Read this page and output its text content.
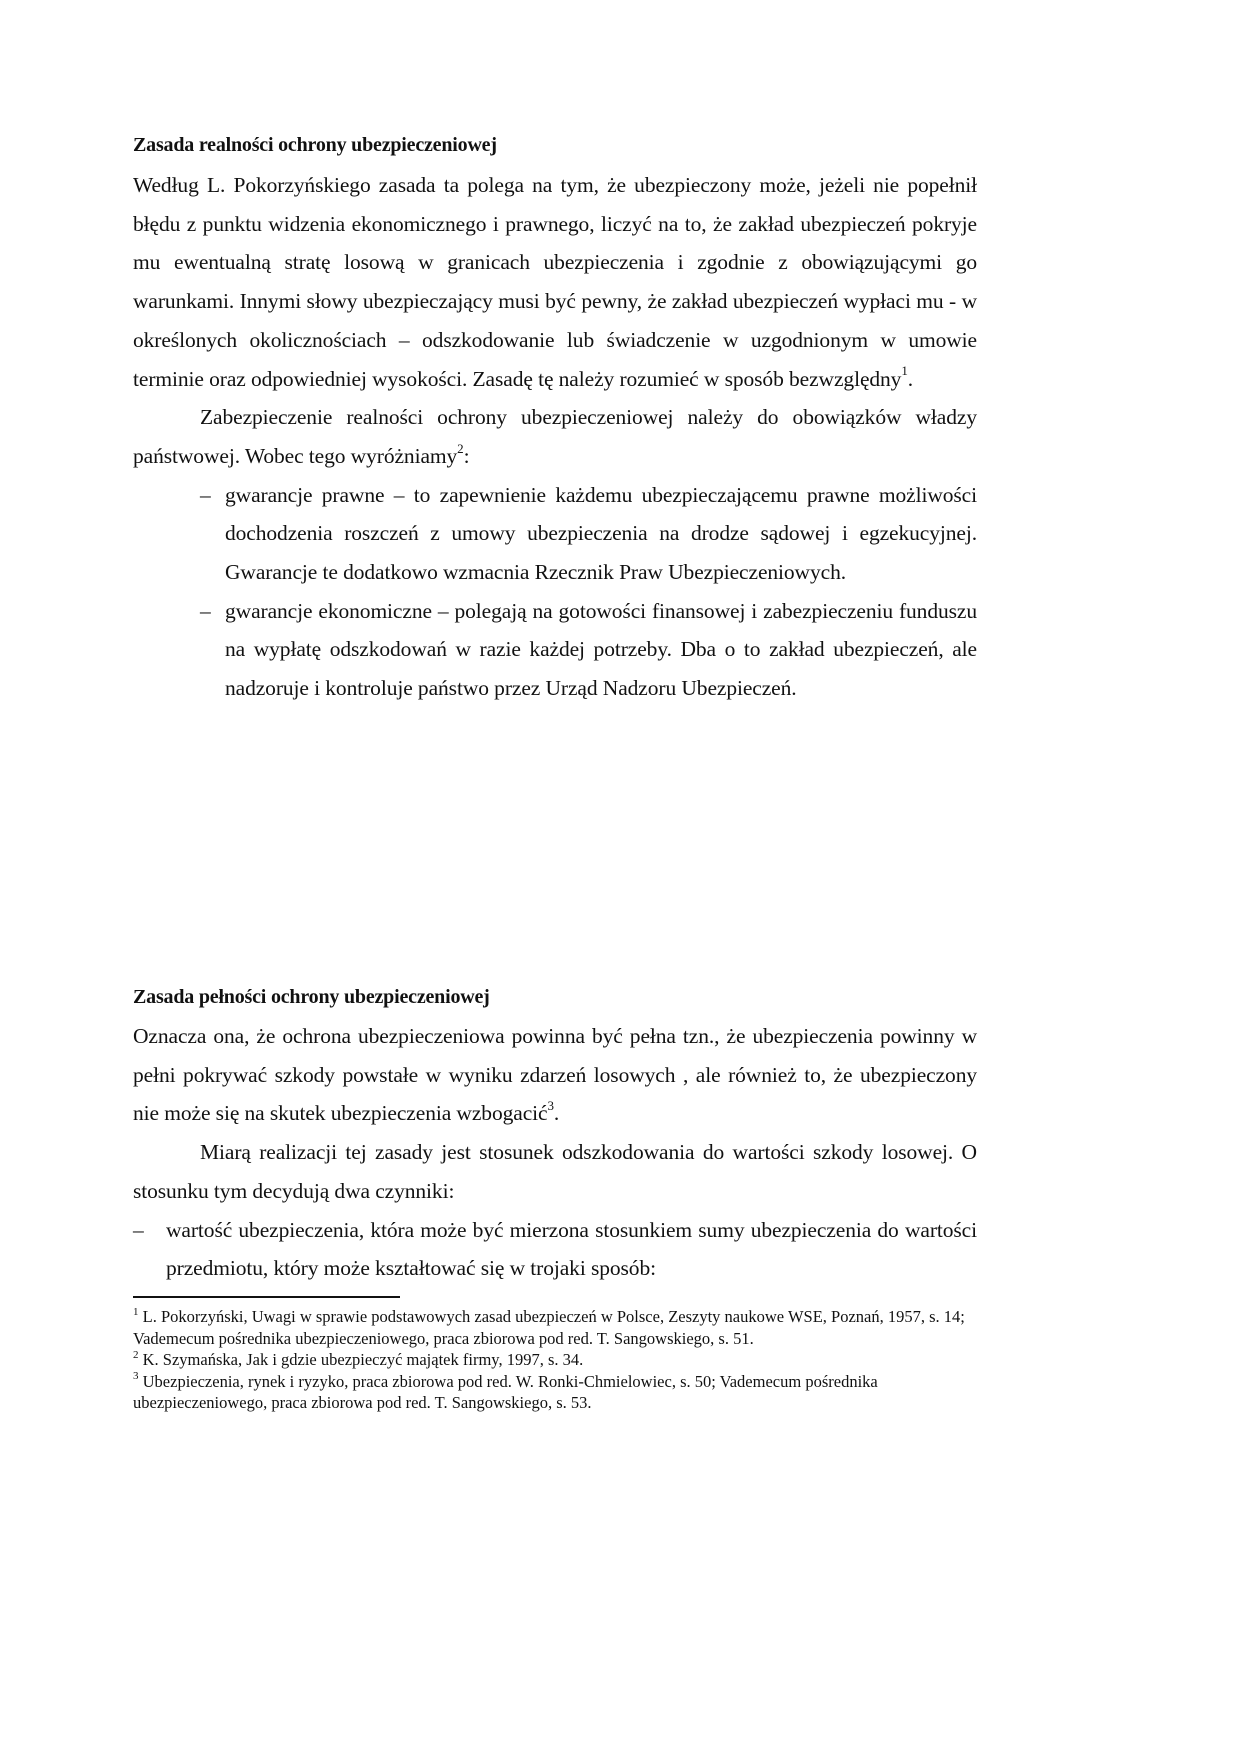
Zasada realności ochrony ubezpieczeniowej

Według L. Pokorzyńskiego zasada ta polega na tym, że ubezpieczony może, jeżeli nie popełnił błędu z punktu widzenia ekonomicznego i prawnego, liczyć na to, że zakład ubezpieczeń pokryje mu ewentualną stratę losową w granicach ubezpieczenia i zgodnie z obowiązującymi go warunkami. Innymi słowy ubezpieczający musi być pewny, że zakład ubezpieczeń wypłaci mu - w określonych okolicznościach – odszkodowanie lub świadczenie w uzgodnionym w umowie terminie oraz odpowiedniej wysokości. Zasadę tę należy rozumieć w sposób bezwzględny$^1$.

Zabezpieczenie realności ochrony ubezpieczeniowej należy do obowiązków władzy państwowej. Wobec tego wyróżniamy$^2$:

– gwarancje prawne – to zapewnienie każdemu ubezpieczającemu prawne możliwości dochodzenia roszczeń z umowy ubezpieczenia na drodze sądowej i egzekucyjnej. Gwarancje te dodatkowo wzmacnia Rzecznik Praw Ubezpieczeniowych.
– gwarancje ekonomiczne – polegają na gotowości finansowej i zabezpieczeniu funduszu na wypłatę odszkodowań w razie każdej potrzeby. Dba o to zakład ubezpieczeń, ale nadzoruje i kontroluje państwo przez Urząd Nadzoru Ubezpieczeń.
Zasada pełności ochrony ubezpieczeniowej

Oznacza ona, że ochrona ubezpieczeniowa powinna być pełna tzn., że ubezpieczenia powinny w pełni pokrywać szkody powstałe w wyniku zdarzeń losowych , ale również to, że ubezpieczony nie może się na skutek ubezpieczenia wzbogacić$^3$.

Miarą realizacji tej zasady jest stosunek odszkodowania do wartości szkody losowej. O stosunku tym decydują dwa czynniki:

– wartość ubezpieczenia, która może być mierzona stosunkiem sumy ubezpieczenia do wartości przedmiotu, który może kształtować się w trojaki sposób:

$^1$ L. Pokorzyński, Uwagi w sprawie podstawowych zasad ubezpieczeń w Polsce, Zeszyty naukowe WSE, Poznań, 1957, s. 14; Vademecum pośrednika ubezpieczeniowego, praca zbiorowa pod red. T. Sangowskiego, s. 51.

$^2$ K. Szymańska, Jak i gdzie ubezpieczyć majątek firmy, 1997, s. 34.

$^3$ Ubezpieczenia, rynek i ryzyko, praca zbiorowa pod red. W. Ronki-Chmielowiec, s. 50; Vademecum pośrednika ubezpieczeniowego, praca zbiorowa pod red. T. Sangowskiego, s. 53.
